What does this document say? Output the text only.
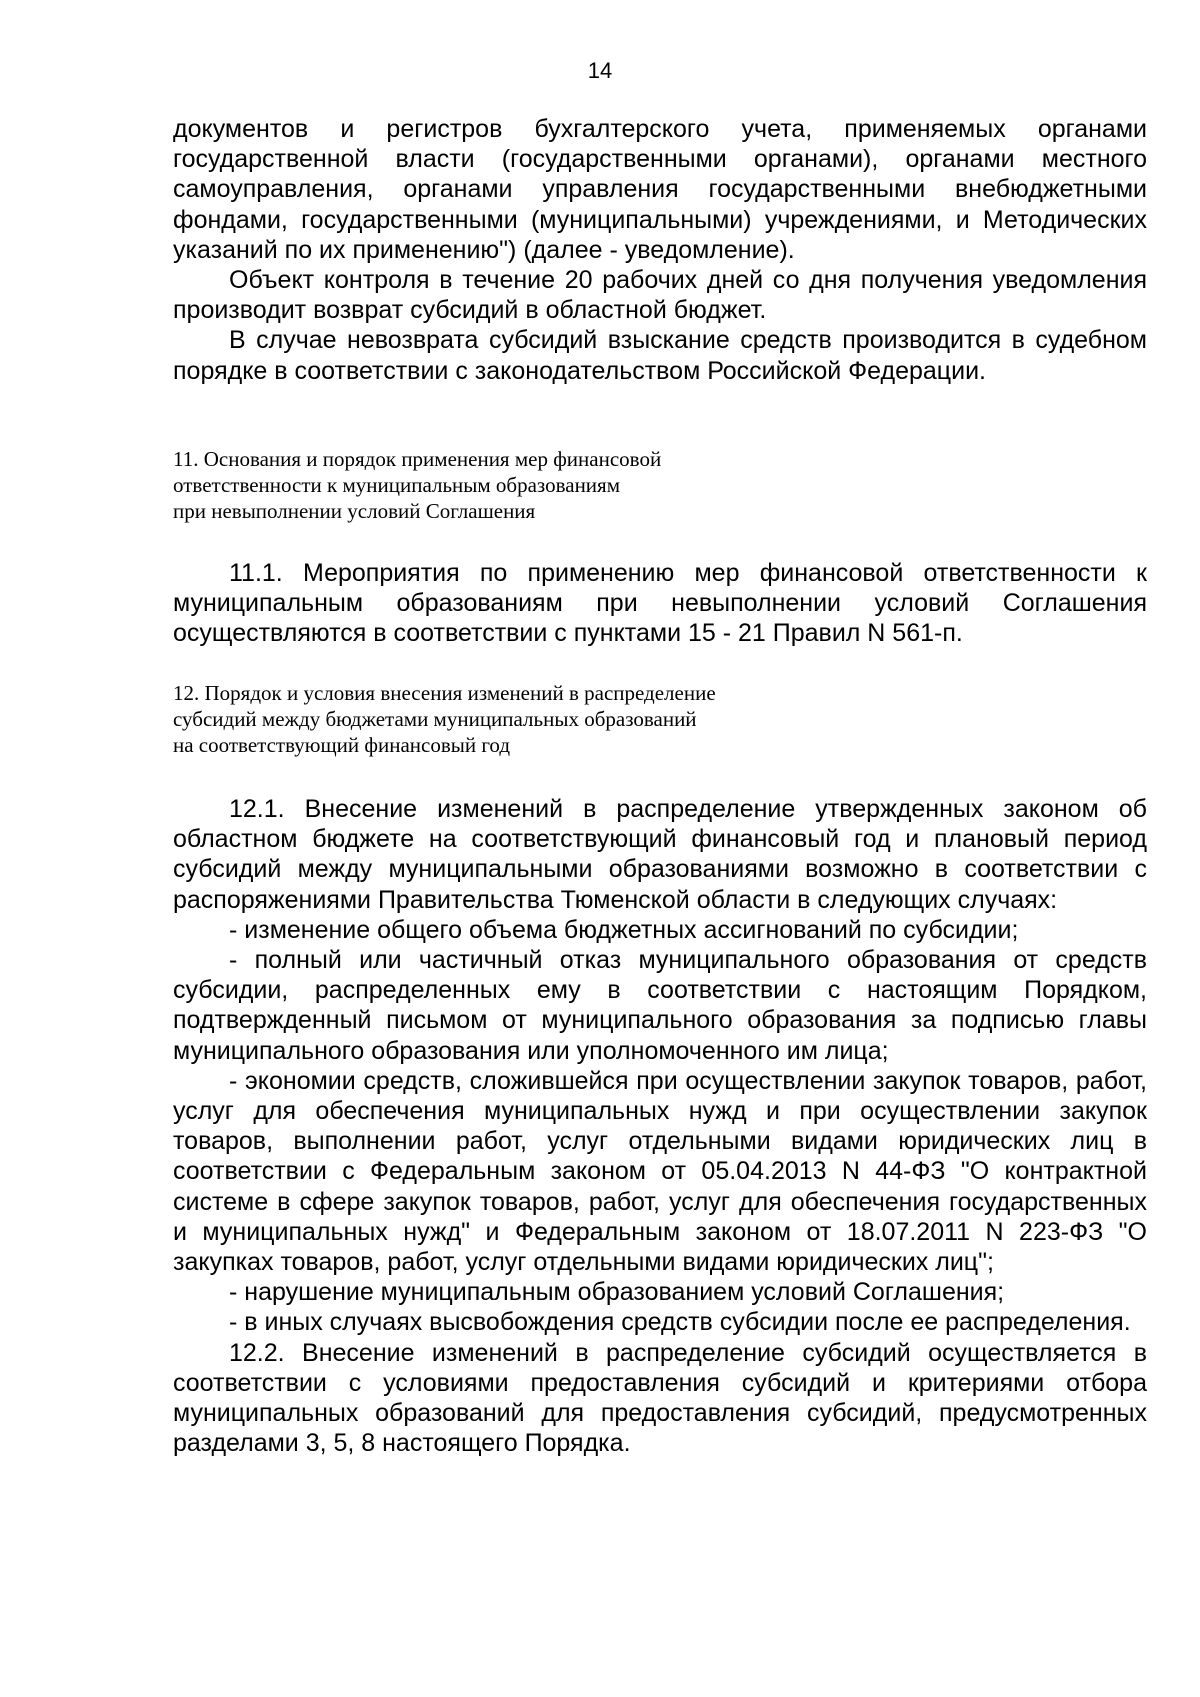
14

документов и регистров бухгалтерского учета, применяемых органами государственной власти (государственными органами), органами местного самоуправления, органами управления государственными внебюджетными фондами, государственными (муниципальными) учреждениями, и Методических указаний по их применению") (далее - уведомление).

Объект контроля в течение 20 рабочих дней со дня получения уведомления производит возврат субсидий в областной бюджет.

В случае невозврата субсидий взыскание средств производится в судебном порядке в соответствии с законодательством Российской Федерации.

11. Основания и порядок применения мер финансовой
ответственности к муниципальным образованиям
при невыполнении условий Соглашения

11.1. Мероприятия по применению мер финансовой ответственности к муниципальным образованиям при невыполнении условий Соглашения осуществляются в соответствии с пунктами 15 - 21 Правил N 561-п.

12. Порядок и условия внесения изменений в распределение
субсидий между бюджетами муниципальных образований
на соответствующий финансовый год

12.1. Внесение изменений в распределение утвержденных законом об областном бюджете на соответствующий финансовый год и плановый период субсидий между муниципальными образованиями возможно в соответствии с распоряжениями Правительства Тюменской области в следующих случаях:

- изменение общего объема бюджетных ассигнований по субсидии;

- полный или частичный отказ муниципального образования от средств субсидии, распределенных ему в соответствии с настоящим Порядком, подтвержденный письмом от муниципального образования за подписью главы муниципального образования или уполномоченного им лица;

- экономии средств, сложившейся при осуществлении закупок товаров, работ, услуг для обеспечения муниципальных нужд и при осуществлении закупок товаров, выполнении работ, услуг отдельными видами юридических лиц в соответствии с Федеральным законом от 05.04.2013 N 44-ФЗ "О контрактной системе в сфере закупок товаров, работ, услуг для обеспечения государственных и муниципальных нужд" и Федеральным законом от 18.07.2011 N 223-ФЗ "О закупках товаров, работ, услуг отдельными видами юридических лиц";

- нарушение муниципальным образованием условий Соглашения;

- в иных случаях высвобождения средств субсидии после ее распределения.

12.2. Внесение изменений в распределение субсидий осуществляется в соответствии с условиями предоставления субсидий и критериями отбора муниципальных образований для предоставления субсидий, предусмотренных разделами 3, 5, 8 настоящего Порядка.
